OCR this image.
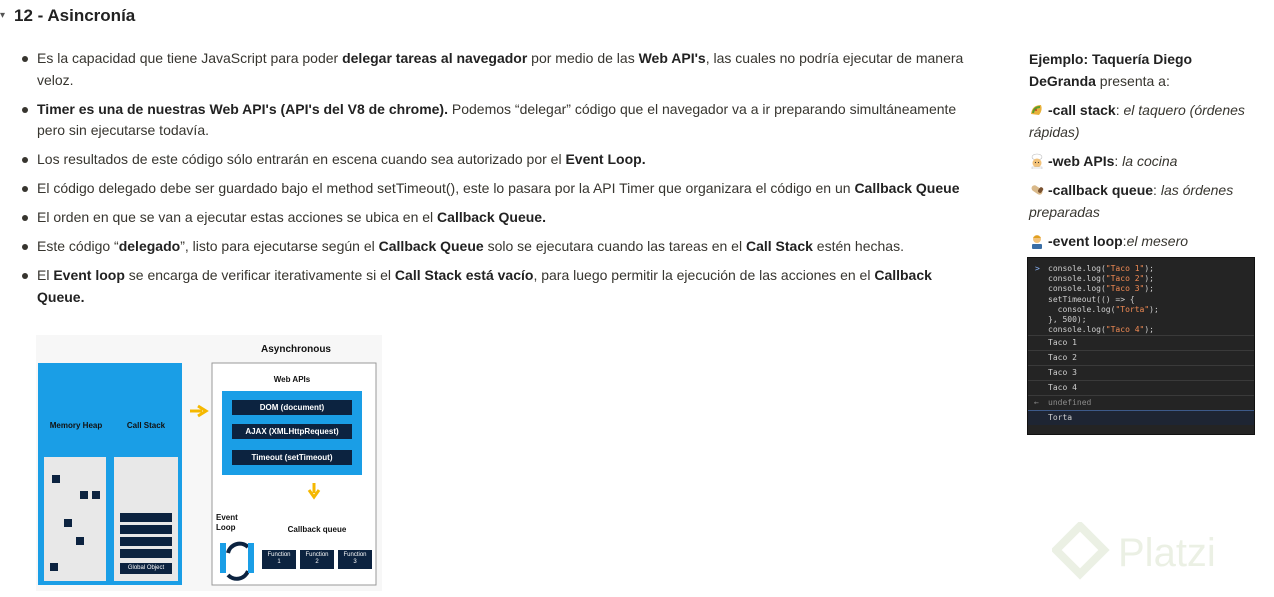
▾ 12 - Asincronía
Es la capacidad que tiene JavaScript para poder delegar tareas al navegador por medio de las Web API's, las cuales no podría ejecutar de manera veloz.
Timer es una de nuestras Web API's (API's del V8 de chrome). Podemos “delegar” código que el navegador va a ir preparando simultáneamente pero sin ejecutarse todavía.
Los resultados de este código sólo entrarán en escena cuando sea autorizado por el Event Loop.
El código delegado debe ser guardado bajo el method setTimeout(), este lo pasara por la API Timer que organizara el código en un Callback Queue
El orden en que se van a ejecutar estas acciones se ubica en el Callback Queue.
Este código “delegado”, listo para ejecutarse según el Callback Queue solo se ejecutara cuando las tareas en el Call Stack estén hechas.
El Event loop se encarga de verificar iterativamente si el Call Stack está vacío, para luego permitir la ejecución de las acciones en el Callback Queue.

Ejemplo: Taquería Diego DeGranda presenta a:

-call stack: el taquero (órdenes rápidas)

-web APIs: la cocina

-callback queue: las órdenes preparadas

-event loop:el mesero

> console.log("Taco 1");
console.log("Taco 2");
console.log("Taco 3");
setTimeout(() => {
console.log("Torta");
}, 500);
console.log("Taco 4");
Taco 1
Taco 2
Taco 3
Taco 4
← undefined
Torta
Asynchronous
Memory Heap	Call Stack
Global Object
Web APIs
DOM (document)
AJAX (XMLHttpRequest)
Timeout (setTimeout)
Event Loop	Callback queue
Function
1
Function
2
Function
3	Platzi
